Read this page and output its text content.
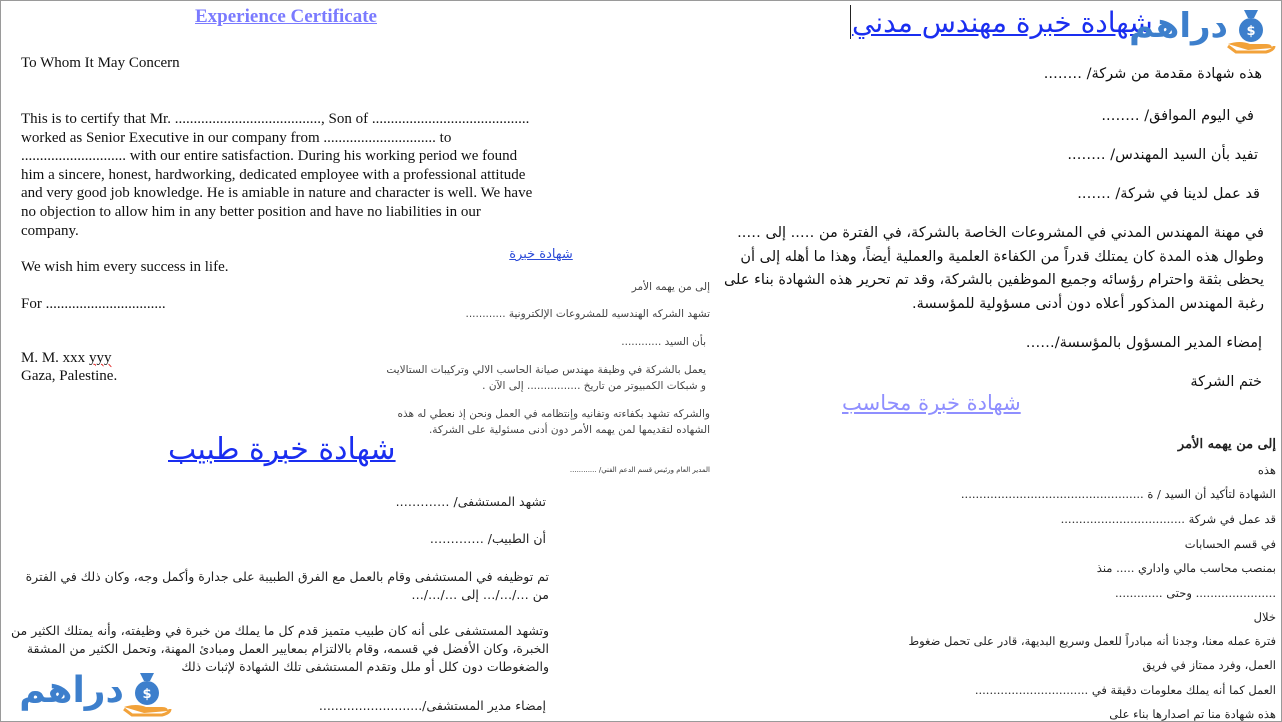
Experience Certificate
To Whom It May Concern
This is to certify that Mr. ......................................., Son of ..........................................
worked as Senior Executive in our company from .............................. to
............................ with our entire satisfaction. During his working period we found
him a sincere, honest, hardworking, dedicated employee with a professional attitude
and very good job knowledge. He is amiable in nature and character is well. We have
no objection to allow him in any better position and have no liabilities in our
company.
We wish him every success in life.
For ................................
M. M. xxx yyy
Gaza, Palestine.
شهادة خبرة
إلى من يهمه الأمر
تشهد الشركه الهندسيه للمشروعات الإلكترونية ............
بأن السيد ............
يعمل بالشركة في وظيفة مهندس صيانة الحاسب الالي وتركيبات الستالايت و شبكات الكمبيوتر من تاريخ ................ إلى الآن .
والشركه تشهد بكفاءته وتفانيه وإنتظامه في العمل ونحن إذ نعطي له هذه الشهاده لتقديمها لمن يهمه الأمر دون أدنى مسئولية على الشركة.
المدير العام ورئيس قسم الدعم الفني/ ............
شهادة خبرة طبيب
تشهد المستشفى/ ………….
أن الطبيب/ ………….
تم توظيفه في المستشفى وقام بالعمل مع الفرق الطبيبة على جدارة وأكمل وجه، وكان ذلك في الفترة من …/…/… إلى …/…/…
وتشهد المستشفى على أنه كان طبيب متميز قدم كل ما يملك من خبرة في وظيفته، وأنه يمتلك الكثير من الخبرة، وكان الأفضل في قسمه، وقام بالالتزام بمعايير العمل ومبادئ المهنة، وتحمل الكثير من المشقة والضغوطات دون كلل أو ملل وتقدم المستشفى تلك الشهادة لإثبات ذلك
إمضاء مدير المستشفى/..........................
شهادة خبرة مهندس مدني
هذه شهادة مقدمة من شركة/ ……..
في اليوم الموافق/ ……..
تفيد بأن السيد المهندس/ ……..
قد عمل لدينا في شركة/ …….
في مهنة المهندس المدني في المشروعات الخاصة بالشركة، في الفترة من ….. إلى ….. وطوال هذه المدة كان يمتلك قدراً من الكفاءة العلمية والعملية أيضاً، وهذا ما أهله إلى أن يحظى بثقة واحترام رؤسائه وجميع الموظفين بالشركة، وقد تم تحرير هذه الشهادة بناء على رغبة المهندس المذكور أعلاه دون أدنى مسؤولية للمؤسسة.
إمضاء المدير المسؤول بالمؤسسة/……
ختم الشركة
شهادة خبرة محاسب
إلى من يهمه الأمر
هذه
الشهادة لتأكيد أن السيد / ة ..................................................
قد عمل في شركة ..................................
في قسم الحسابات
بمنصب محاسب مالي واداري ..... منذ
...................... وحتى .............
خلال
فترة عمله معنا، وجدنا أنه مبادراً للعمل وسريع البديهة، قادر على تحمل ضغوط
العمل، وفرد ممتاز في فريق
العمل كما أنه يملك معلومات دقيقة في ...............................
هذه شهادة منا تم اصدارها بناء على
دراهم $
$
دراهم
